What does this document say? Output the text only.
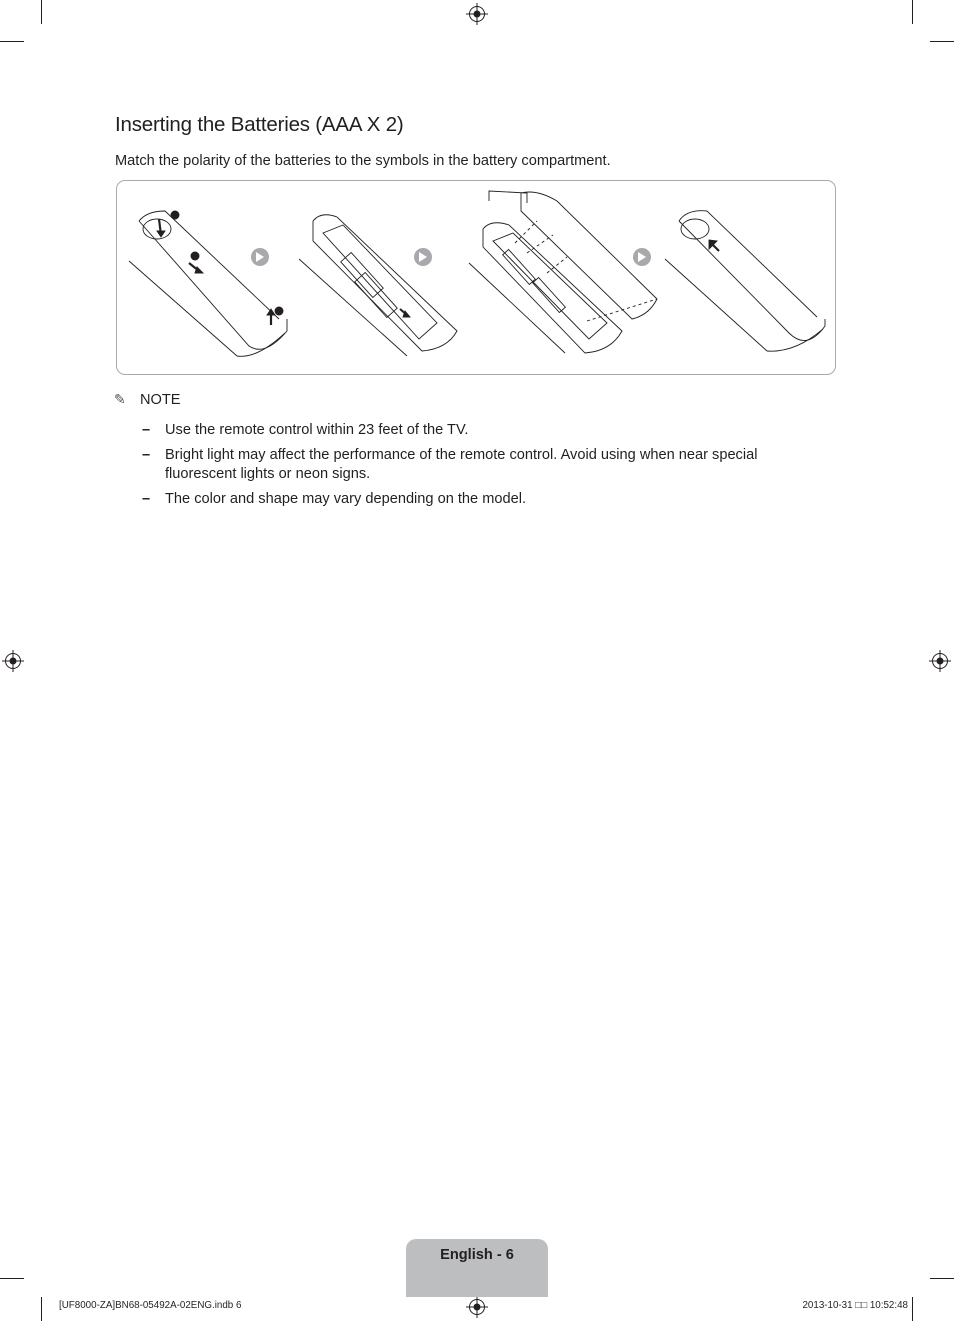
Inserting the Batteries (AAA X 2)

Match the polarity of the batteries to the symbols in the battery compartment.

✎ NOTE
– Use the remote control within 23 feet of the TV.
– Bright light may affect the performance of the remote control. Avoid using when near special fluorescent lights or neon signs.
– The color and shape may vary depending on the model.
English - 6
[UF8000-ZA]BN68-05492A-02ENG.indb 6	2013-10-31 □□ 10:52:48
